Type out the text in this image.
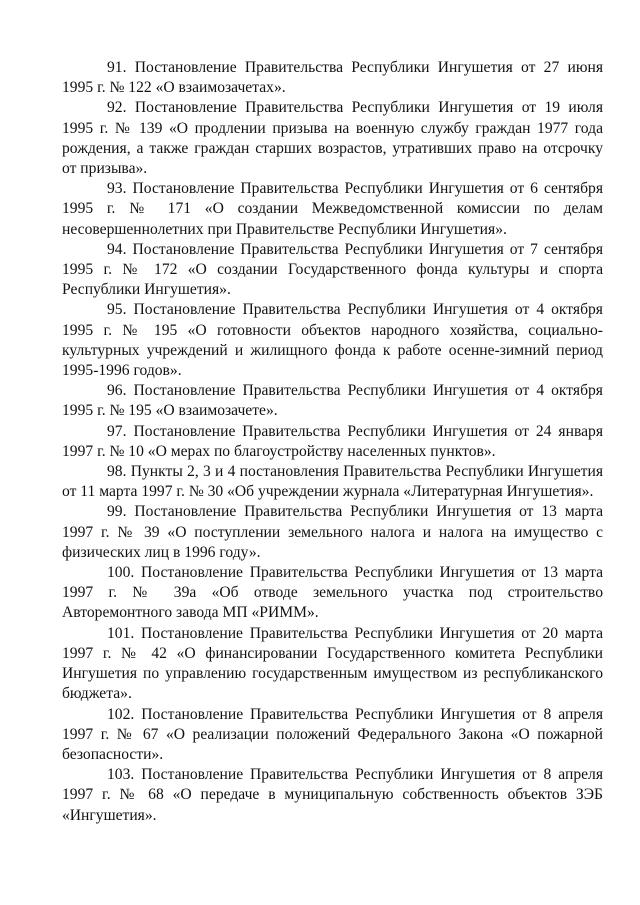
91. Постановление Правительства Республики Ингушетия от 27 июня 1995 г. № 122 «О взаимозачетах».

92. Постановление Правительства Республики Ингушетия от 19 июля 1995 г. № 139 «О продлении призыва на военную службу граждан 1977 года рождения, а также граждан старших возрастов, утративших право на отсрочку от призыва».

93. Постановление Правительства Республики Ингушетия от 6 сентября 1995 г. № 171 «О создании Межведомственной комиссии по делам несовершеннолетних при Правительстве Республики Ингушетия».

94. Постановление Правительства Республики Ингушетия от 7 сентября 1995 г. № 172 «О создании Государственного фонда культуры и спорта Республики Ингушетия».

95. Постановление Правительства Республики Ингушетия от 4 октября 1995 г. № 195 «О готовности объектов народного хозяйства, социально-культурных учреждений и жилищного фонда к работе осенне-зимний период 1995-1996 годов».

96. Постановление Правительства Республики Ингушетия от 4 октября 1995 г. № 195 «О взаимозачете».

97. Постановление Правительства Республики Ингушетия от 24 января 1997 г. № 10 «О мерах по благоустройству населенных пунктов».

98. Пункты 2, 3 и 4 постановления Правительства Республики Ингушетия от 11 марта 1997 г. № 30 «Об учреждении журнала «Литературная Ингушетия».

99. Постановление Правительства Республики Ингушетия от 13 марта 1997 г. № 39 «О поступлении земельного налога и налога на имущество с физических лиц в 1996 году».

100. Постановление Правительства Республики Ингушетия от 13 марта 1997 г. № 39а «Об отводе земельного участка под строительство Авторемонтного завода МП «РИММ».

101. Постановление Правительства Республики Ингушетия от 20 марта 1997 г. № 42 «О финансировании Государственного комитета Республики Ингушетия по управлению государственным имуществом из республиканского бюджета».

102. Постановление Правительства Республики Ингушетия от 8 апреля 1997 г. № 67 «О реализации положений Федерального Закона «О пожарной безопасности».

103. Постановление Правительства Республики Ингушетия от 8 апреля 1997 г. № 68 «О передаче в муниципальную собственность объектов ЗЭБ «Ингушетия».
